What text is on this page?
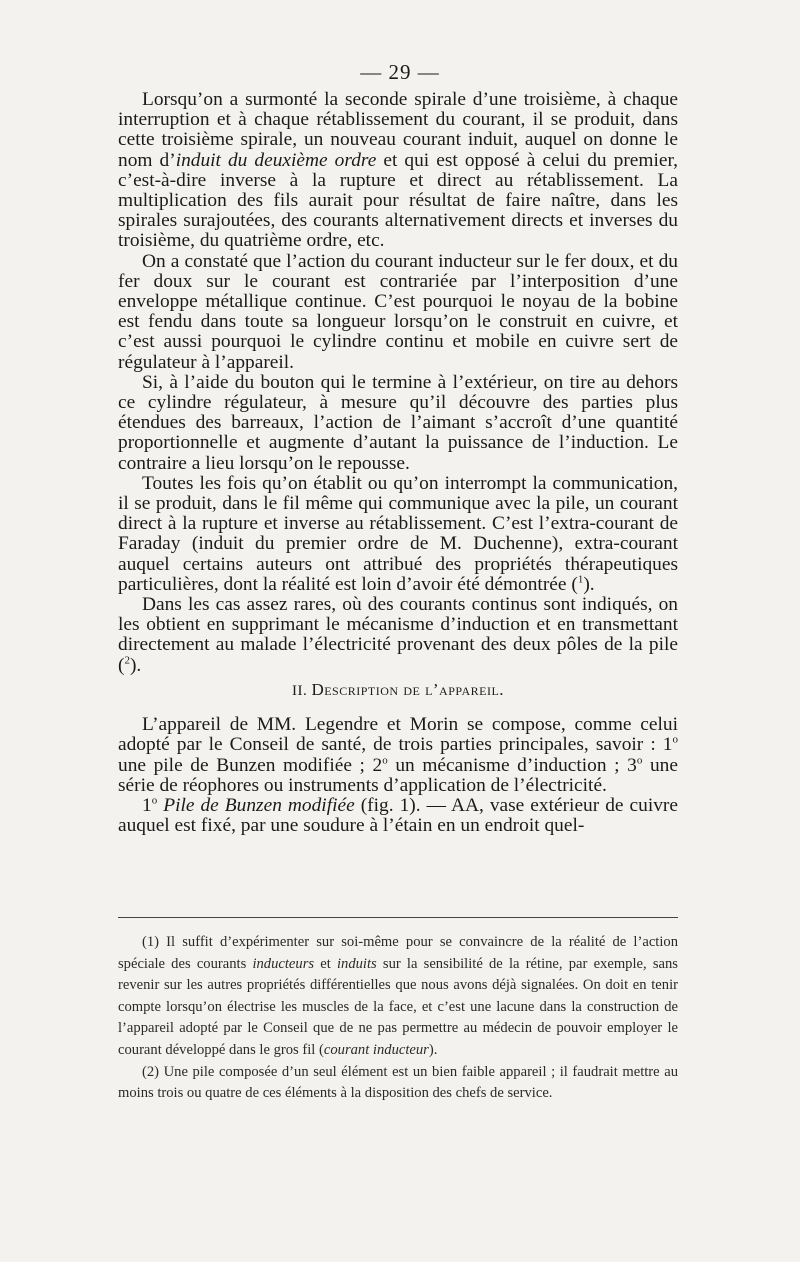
— 29 —

Lorsqu’on a surmonté la seconde spirale d’une troisième, à chaque interruption et à chaque rétablissement du courant, il se produit, dans cette troisième spirale, un nouveau courant induit, auquel on donne le nom d’induit du deuxième ordre et qui est opposé à celui du premier, c’est-à-dire inverse à la rupture et direct au rétablissement. La multiplication des fils aurait pour résultat de faire naître, dans les spirales surajoutées, des courants alternativement directs et inverses du troisième, du quatrième ordre, etc.

On a constaté que l’action du courant inducteur sur le fer doux, et du fer doux sur le courant est contrariée par l’interposition d’une enveloppe métallique continue. C’est pourquoi le noyau de la bobine est fendu dans toute sa longueur lorsqu’on le construit en cuivre, et c’est aussi pourquoi le cylindre continu et mobile en cuivre sert de régulateur à l’appareil.

Si, à l’aide du bouton qui le termine à l’extérieur, on tire au dehors ce cylindre régulateur, à mesure qu’il découvre des parties plus étendues des barreaux, l’action de l’aimant s’accroît d’une quantité proportionnelle et augmente d’autant la puissance de l’induction. Le contraire a lieu lorsqu’on le repousse.

Toutes les fois qu’on établit ou qu’on interrompt la communication, il se produit, dans le fil même qui communique avec la pile, un courant direct à la rupture et inverse au rétablissement. C’est l’extra-courant de Faraday (induit du premier ordre de M. Duchenne), extra-courant auquel certains auteurs ont attribué des propriétés thérapeutiques particulières, dont la réalité est loin d’avoir été démontrée ($^1$).

Dans les cas assez rares, où des courants continus sont indiqués, on les obtient en supprimant le mécanisme d’induction et en transmettant directement au malade l’électricité provenant des deux pôles de la pile ($^2$).

II. Description de l’appareil.

L’appareil de MM. Legendre et Morin se compose, comme celui adopté par le Conseil de santé, de trois parties principales, savoir : 1$^o$ une pile de Bunzen modifiée ; 2$^o$ un mécanisme d’induction ; 3$^o$ une série de réophores ou instruments d’application de l’électricité.

1$^o$ Pile de Bunzen modifiée (fig. 1). — AA, vase extérieur de cuivre auquel est fixé, par une soudure à l’étain en un endroit quel-

(1) Il suffit d’expérimenter sur soi-même pour se convaincre de la réalité de l’action spéciale des courants inducteurs et induits sur la sensibilité de la rétine, par exemple, sans revenir sur les autres propriétés différentielles que nous avons déjà signalées. On doit en tenir compte lorsqu’on électrise les muscles de la face, et c’est une lacune dans la construction de l’appareil adopté par le Conseil que de ne pas permettre au médecin de pouvoir employer le courant développé dans le gros fil (courant inducteur).

(2) Une pile composée d’un seul élément est un bien faible appareil ; il faudrait mettre au moins trois ou quatre de ces éléments à la disposition des chefs de service.
